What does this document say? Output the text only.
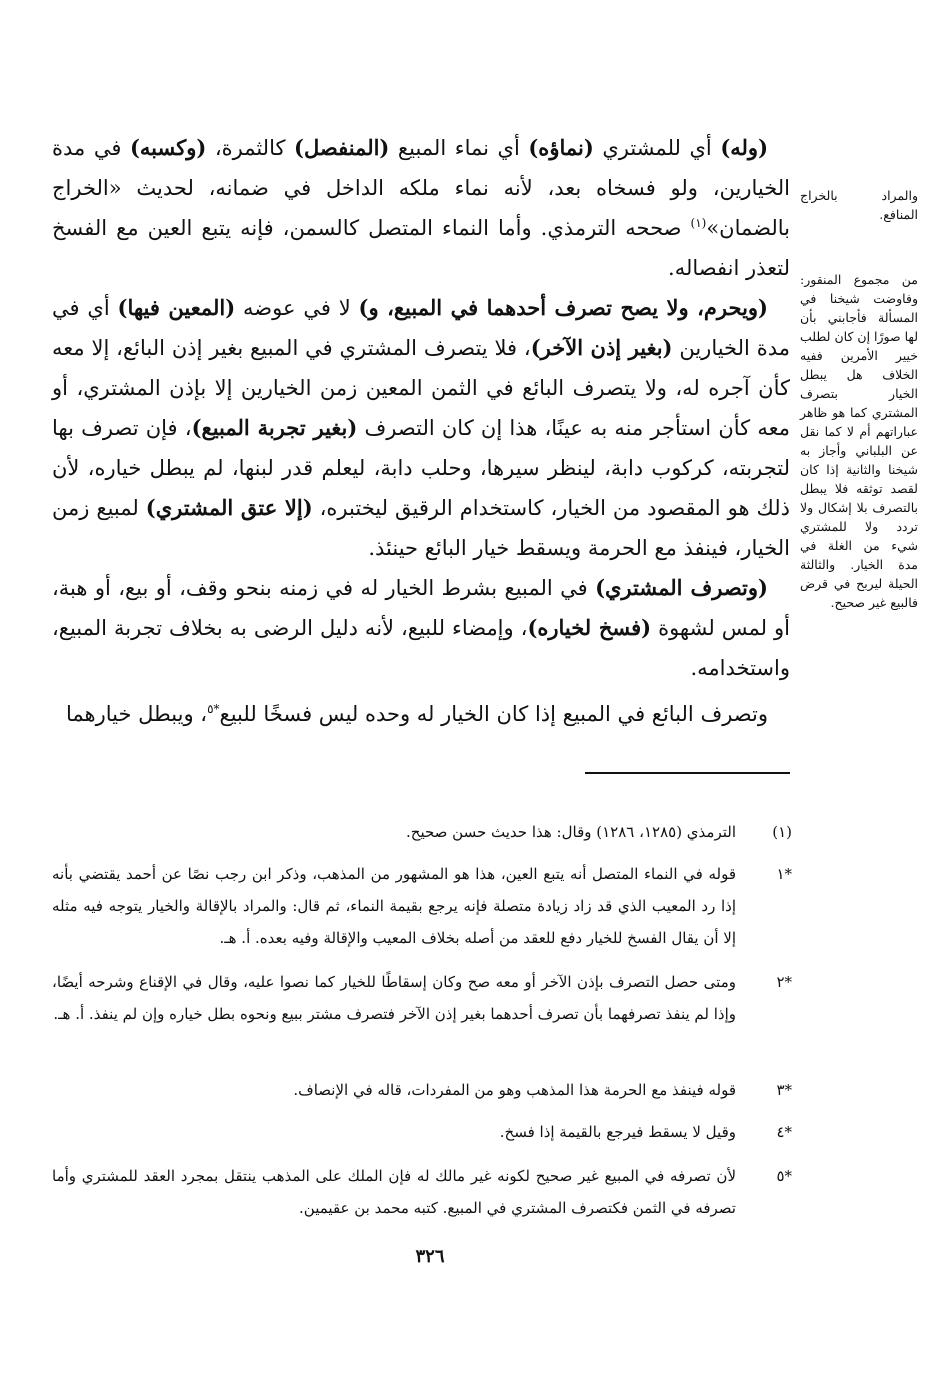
(وله) أي للمشتري (نماؤه) أي نماء المبيع (المنفصل) كالثمرة، (وكسبه) في مدة الخيارين، ولو فسخاه بعد، لأنه نماء ملكه الداخل في ضمانه، لحديث «الخراج بالضمان»$^{(١)}$ صححه الترمذي. وأما النماء المتصل كالسمن، فإنه يتبع العين مع الفسخ لتعذر انفصاله.

(ويحرم، ولا يصح تصرف أحدهما في المبيع، و) لا في عوضه (المعين فيها) أي في مدة الخيارين (بغير إذن الآخر)، فلا يتصرف المشتري في المبيع بغير إذن البائع، إلا معه كأن آجره له، ولا يتصرف البائع في الثمن المعين زمن الخيارين إلا بإذن المشتري، أو معه كأن استأجر منه به عينًا، هذا إن كان التصرف (بغير تجربة المبيع)، فإن تصرف بها لتجربته، كركوب دابة، لينظر سيرها، وحلب دابة، ليعلم قدر لبنها، لم يبطل خياره، لأن ذلك هو المقصود من الخيار، كاستخدام الرقيق ليختبره، (إلا عتق المشتري) لمبيع زمن الخيار، فينفذ مع الحرمة ويسقط خيار البائع حينئذ.

(وتصرف المشتري) في المبيع بشرط الخيار له في زمنه بنحو وقف، أو بيع، أو هبة، أو لمس لشهوة (فسخ لخياره)، وإمضاء للبيع، لأنه دليل الرضى به بخلاف تجربة المبيع، واستخدامه.

وتصرف البائع في المبيع إذا كان الخيار له وحده ليس فسخًا للبيع$^{*٥}$، ويبطل خيارهما

والمراد بالخراج المنافع.
من مجموع المنقور: وفاوضت شيخنا في المسألة فأجابني بأن لها صورًا إن كان لطلب خيير الأمرين ففيه الخلاف هل يبطل الخيار بتصرف المشتري كما هو ظاهر عباراتهم أم لا كما نقل عن البلباني وأجاز به شيخنا والثانية إذا كان لقصد توثقه فلا يبطل بالتصرف بلا إشكال ولا تردد ولا للمشتري شيء من الغلة في مدة الخيار. والثالثة الحيلة ليربح في قرض فالبيع غير صحيح.
(١)
الترمذي (١٢٨٥، ١٢٨٦) وقال: هذا حديث حسن صحيح.
*١
قوله في النماء المتصل أنه يتبع العين، هذا هو المشهور من المذهب، وذكر ابن رجب نصًا عن أحمد يقتضي بأنه إذا رد المعيب الذي قد زاد زيادة متصلة فإنه يرجع بقيمة النماء، ثم قال: والمراد بالإقالة والخيار يتوجه فيه مثله إلا أن يقال الفسخ للخيار دفع للعقد من أصله بخلاف المعيب والإقالة وفيه بعده. أ. هـ.
*٢
ومتى حصل التصرف بإذن الآخر أو معه صح وكان إسقاطًا للخيار كما نصوا عليه، وقال في الإقناع وشرحه أيضًا، وإذا لم ينفذ تصرفهما بأن تصرف أحدهما بغير إذن الآخر فتصرف مشتر ببيع ونحوه بطل خياره وإن لم ينفذ. أ. هـ.
*٣
قوله فينفذ مع الحرمة هذا المذهب وهو من المفردات، قاله في الإنصاف.
*٤
وقيل لا يسقط فيرجع بالقيمة إذا فسخ.
*٥
لأن تصرفه في المبيع غير صحيح لكونه غير مالك له فإن الملك على المذهب ينتقل بمجرد العقد للمشتري وأما تصرفه في الثمن فكتصرف المشتري في المبيع. كتبه محمد بن عقيمين.
٣٢٦
